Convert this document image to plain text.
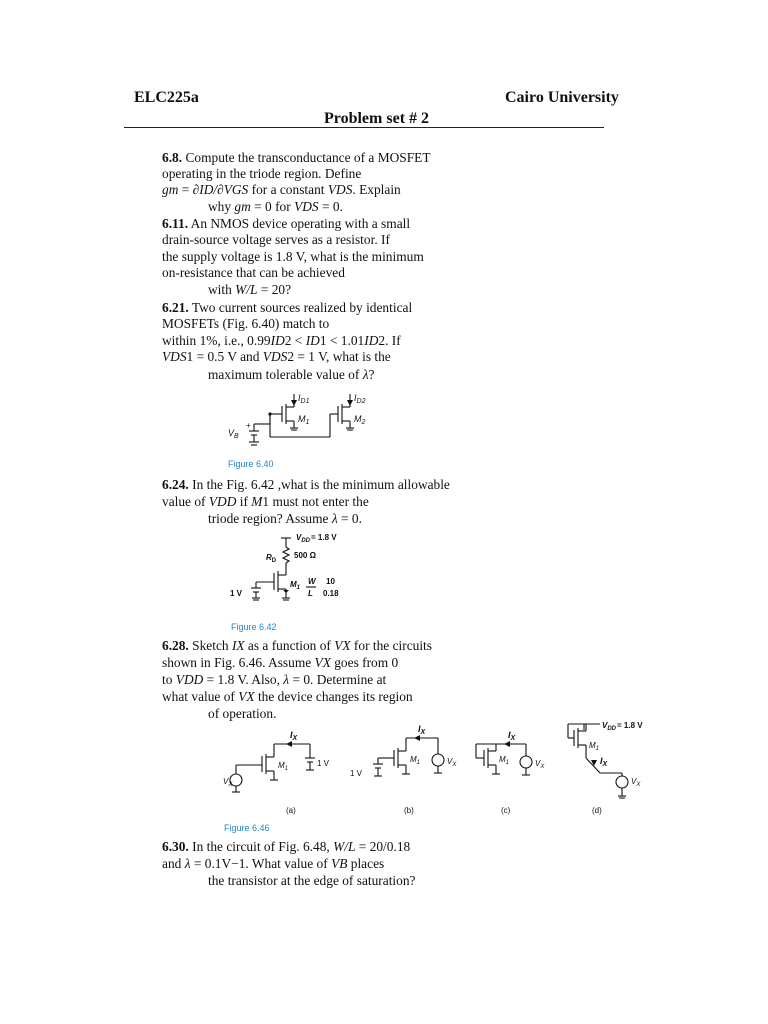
ELC225a	Cairo University
Problem set # 2
6.8. Compute the transconductance of a MOSFET
operating in the triode region. Define
gm = ∂ID/∂VGS for a constant VDS. Explain
why gm = 0 for VDS = 0.
6.11. An NMOS device operating with a small
drain-source voltage serves as a resistor. If
the supply voltage is 1.8 V, what is the minimum
on-resistance that can be achieved
with W/L = 20?
6.21. Two current sources realized by identical
MOSFETs (Fig. 6.40) match to
within 1%, i.e., 0.99ID2 < ID1 < 1.01ID2. If
VDS1 = 0.5 V and VDS2 = 1 V, what is the
maximum tolerable value of λ?
$I_{D1}$	$I_{D2}$
$M_1$	$M_2$
$V_B$
+
Figure 6.40
6.24. In the Fig. 6.42 ,what is the minimum allowable
value of VDD if M1 must not enter the
triode region? Assume λ = 0.
$V_{DD}= 1.8$ V
$R_D$
500 Ω
$M_1$
W
L
10
0.18
1 V
Figure 6.42
6.28. Sketch IX as a function of VX for the circuits
shown in Fig. 6.46. Assume VX goes from 0
to VDD = 1.8 V. Also, λ = 0. Determine at
what value of VX the device changes its region
of operation.
$I_X$
$M_1$
1 V
$V_X$
$I_X$
$M_1$
1 V
$V_X$
$I_X$
$M_1$	$V_X$
$V_{DD}= 1.8$ V
$M_1$
$I_X$
$V_X$
(a)	(b)	(c)	(d)
Figure 6.46
6.30. In the circuit of Fig. 6.48, W/L = 20/0.18
and λ = 0.1V−1. What value of VB places
the transistor at the edge of saturation?
